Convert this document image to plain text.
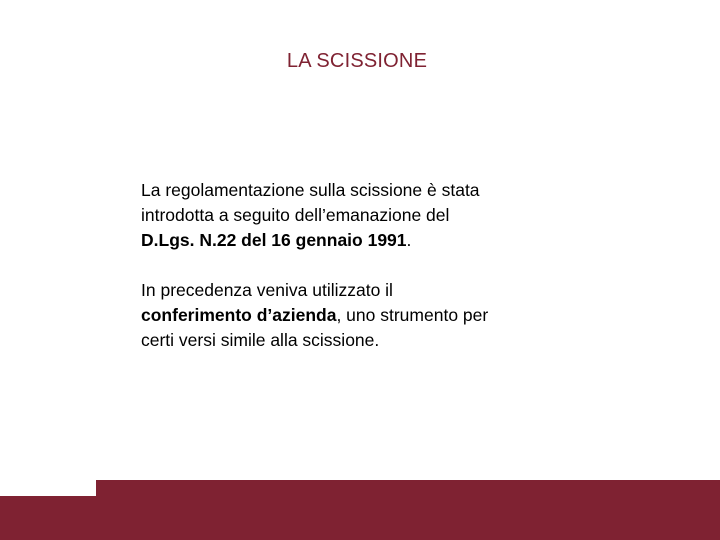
LA SCISSIONE

La regolamentazione sulla scissione è stata
introdotta a seguito dell’emanazione del
D.Lgs. N.22 del 16 gennaio 1991.

In precedenza veniva utilizzato il
conferimento d’azienda, uno strumento per
certi versi simile alla scissione.
